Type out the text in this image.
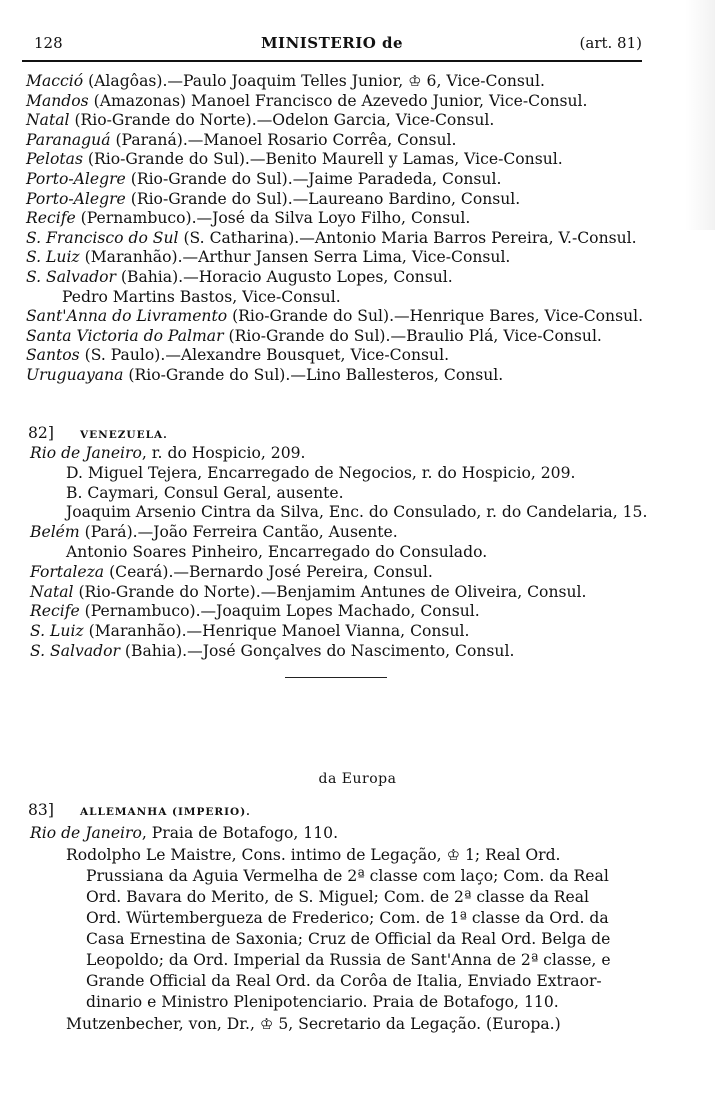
128	MINISTERIO de	(art. 81)
Macció (Alagôas).—Paulo Joaquim Telles Junior, ♔ 6, Vice-Consul.
Mandos (Amazonas) Manoel Francisco de Azevedo Junior, Vice-Consul.
Natal (Rio-Grande do Norte).—Odelon Garcia, Vice-Consul.
Paranaguá (Paraná).—Manoel Rosario Corrêa, Consul.
Pelotas (Rio-Grande do Sul).—Benito Maurell y Lamas, Vice-Consul.
Porto-Alegre (Rio-Grande do Sul).—Jaime Paradeda, Consul.
Porto-Alegre (Rio-Grande do Sul).—Laureano Bardino, Consul.
Recife (Pernambuco).—José da Silva Loyo Filho, Consul.
S. Francisco do Sul (S. Catharina).—Antonio Maria Barros Pereira, V.-Consul.
S. Luiz (Maranhão).—Arthur Jansen Serra Lima, Vice-Consul.
S. Salvador (Bahia).—Horacio Augusto Lopes, Consul.
Pedro Martins Bastos, Vice-Consul.
Sant'Anna do Livramento (Rio-Grande do Sul).—Henrique Bares, Vice-Consul.
Santa Victoria do Palmar (Rio-Grande do Sul).—Braulio Plá, Vice-Consul.
Santos (S. Paulo).—Alexandre Bousquet, Vice-Consul.
Uruguayana (Rio-Grande do Sul).—Lino Ballesteros, Consul.
82] VENEZUELA.
Rio de Janeiro, r. do Hospicio, 209.
D. Miguel Tejera, Encarregado de Negocios, r. do Hospicio, 209.
B. Caymari, Consul Geral, ausente.
Joaquim Arsenio Cintra da Silva, Enc. do Consulado, r. do Candelaria, 15.
Belém (Pará).—João Ferreira Cantão, Ausente.
Antonio Soares Pinheiro, Encarregado do Consulado.
Fortaleza (Ceará).—Bernardo José Pereira, Consul.
Natal (Rio-Grande do Norte).—Benjamim Antunes de Oliveira, Consul.
Recife (Pernambuco).—Joaquim Lopes Machado, Consul.
S. Luiz (Maranhão).—Henrique Manoel Vianna, Consul.
S. Salvador (Bahia).—José Gonçalves do Nascimento, Consul.
da Europa
83] ALLEMANHA (IMPERIO).
Rio de Janeiro, Praia de Botafogo, 110.
Rodolpho Le Maistre, Cons. intimo de Legação, ♔ 1; Real Ord.
Prussiana da Aguia Vermelha de 2ª classe com laço; Com. da Real
Ord. Bavara do Merito, de S. Miguel; Com. de 2ª classe da Real
Ord. Würtembergueza de Frederico; Com. de 1ª classe da Ord. da
Casa Ernestina de Saxonia; Cruz de Official da Real Ord. Belga de
Leopoldo; da Ord. Imperial da Russia de Sant'Anna de 2ª classe, e
Grande Official da Real Ord. da Corôa de Italia, Enviado Extraor-
dinario e Ministro Plenipotenciario. Praia de Botafogo, 110.
Mutzenbecher, von, Dr., ♔ 5, Secretario da Legação. (Europa.)
